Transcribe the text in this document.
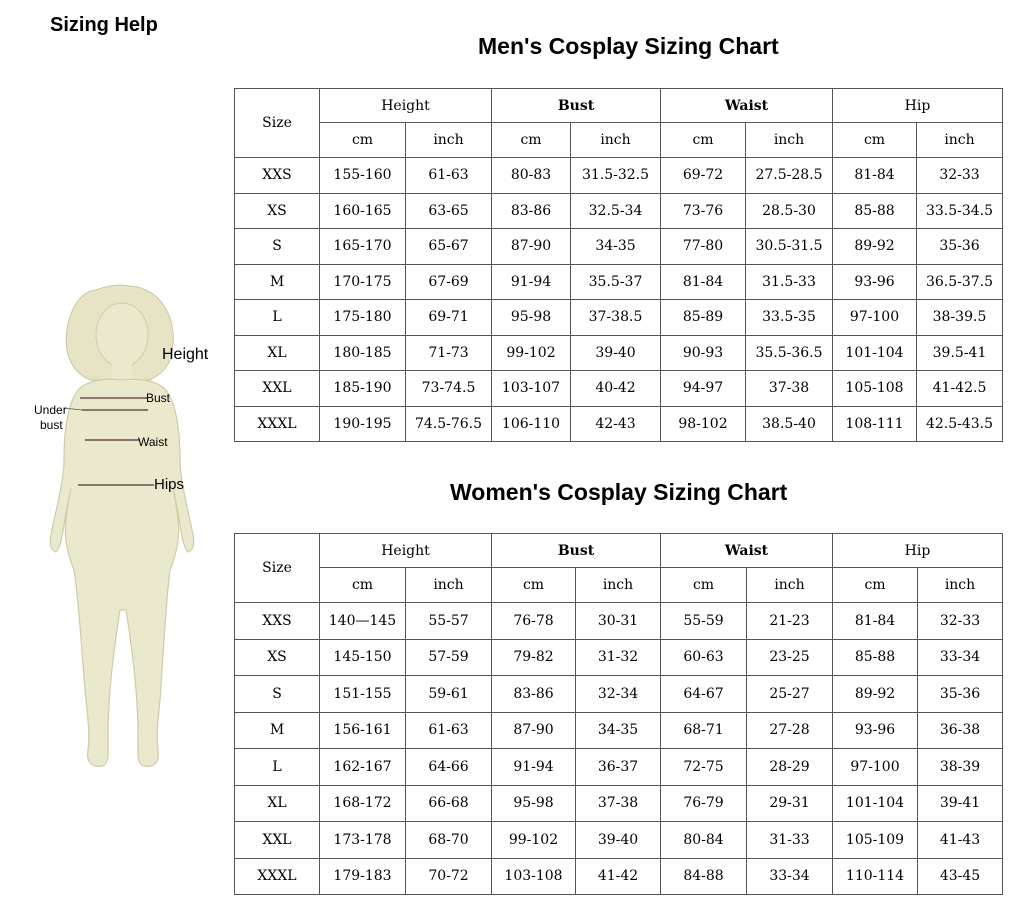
Sizing Help
Height
Bust
Under
bust
Waist
Hips
Men's Cosplay Sizing Chart
Size	Height		Bust		Waist		Hip	
	cm	inch	cm	inch	cm	inch	cm	inch
XXS	155-160	61-63	80-83	31.5-32.5	69-72	27.5-28.5	81-84	32-33
XS	160-165	63-65	83-86	32.5-34	73-76	28.5-30	85-88	33.5-34.5
S	165-170	65-67	87-90	34-35	77-80	30.5-31.5	89-92	35-36
M	170-175	67-69	91-94	35.5-37	81-84	31.5-33	93-96	36.5-37.5
L	175-180	69-71	95-98	37-38.5	85-89	33.5-35	97-100	38-39.5
XL	180-185	71-73	99-102	39-40	90-93	35.5-36.5	101-104	39.5-41
XXL	185-190	73-74.5	103-107	40-42	94-97	37-38	105-108	41-42.5
XXXL	190-195	74.5-76.5	106-110	42-43	98-102	38.5-40	108-111	42.5-43.5
Women's Cosplay Sizing Chart
Size	Height		Bust		Waist		Hip	
	cm	inch	cm	inch	cm	inch	cm	inch
XXS	140—145	55-57	76-78	30-31	55-59	21-23	81-84	32-33
XS	145-150	57-59	79-82	31-32	60-63	23-25	85-88	33-34
S	151-155	59-61	83-86	32-34	64-67	25-27	89-92	35-36
M	156-161	61-63	87-90	34-35	68-71	27-28	93-96	36-38
L	162-167	64-66	91-94	36-37	72-75	28-29	97-100	38-39
XL	168-172	66-68	95-98	37-38	76-79	29-31	101-104	39-41
XXL	173-178	68-70	99-102	39-40	80-84	31-33	105-109	41-43
XXXL	179-183	70-72	103-108	41-42	84-88	33-34	110-114	43-45
